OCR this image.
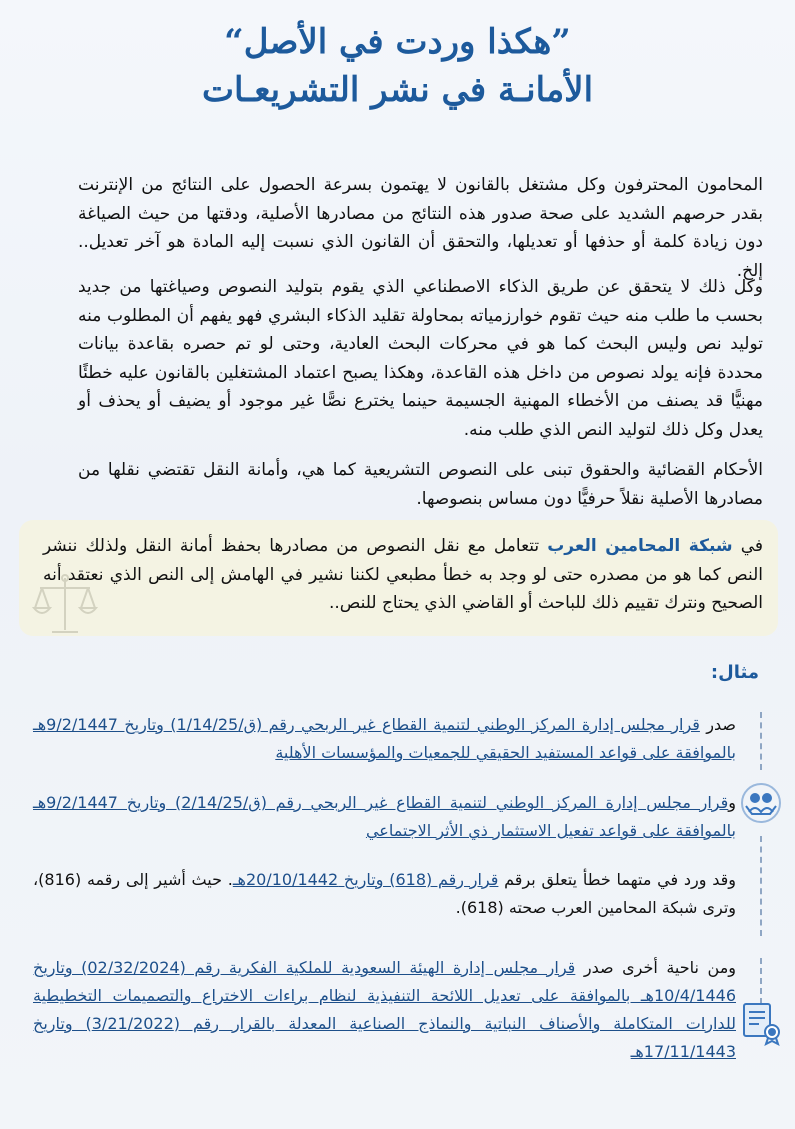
“هكذا وردت في الأصل”
الأمانـة في نشر التشريعـات

المحامون المحترفون وكل مشتغل بالقانون لا يهتمون بسرعة الحصول على النتائج من الإنترنت بقدر حرصهم الشديد على صحة صدور هذه النتائج من مصادرها الأصلية، ودقتها من حيث الصياغة دون زيادة كلمة أو حذفها أو تعديلها، والتحقق أن القانون الذي نسبت إليه المادة هو آخر تعديل.. إلخ.

وكل ذلك لا يتحقق عن طريق الذكاء الاصطناعي الذي يقوم بتوليد النصوص وصياغتها من جديد بحسب ما طلب منه حيث تقوم خوارزمياته بمحاولة تقليد الذكاء البشري فهو يفهم أن المطلوب منه توليد نص وليس البحث كما هو في محركات البحث العادية، وحتى لو تم حصره بقاعدة بيانات محددة فإنه يولد نصوص من داخل هذه القاعدة، وهكذا يصبح اعتماد المشتغلين بالقانون عليه خطئًا مهنيًّا قد يصنف من الأخطاء المهنية الجسيمة حينما يخترع نصًّا غير موجود أو يضيف أو يحذف أو يعدل وكل ذلك لتوليد النص الذي طلب منه.

الأحكام القضائية والحقوق تبنى على النصوص التشريعية كما هي، وأمانة النقل تقتضي نقلها من مصادرها الأصلية نقلاً حرفيًّا دون مساس بنصوصها.

في شبكة المحامين العرب تتعامل مع نقل النصوص من مصادرها بحفظ أمانة النقل ولذلك ننشر النص كما هو من مصدره حتى لو وجد به خطأ مطبعي لكننا نشير في الهامش إلى النص الذي نعتقد أنه الصحيح ونترك تقييم ذلك للباحث أو القاضي الذي يحتاج للنص..
مثال:
صدر قرار مجلس إدارة المركز الوطني لتنمية القطاع غير الربحي رقم (ق/1/14/25) وتاريخ 9/2/1447هـ بالموافقة على قواعد المستفيد الحقيقي للجمعيات والمؤسسات الأهلية
وقرار مجلس إدارة المركز الوطني لتنمية القطاع غير الربحي رقم (ق/2/14/25) وتاريخ 9/2/1447هـ بالموافقة على قواعد تفعيل الاستثمار ذي الأثر الاجتماعي
وقد ورد في متهما خطأ يتعلق برقم قرار رقم (618) وتاريخ 20/10/1442هـ. حيث أشير إلى رقمه (816)، وترى شبكة المحامين العرب صحته (618).
ومن ناحية أخرى صدر قرار مجلس إدارة الهيئة السعودية للملكية الفكرية رقم (02/32/2024) وتاريخ 10/4/1446هـ بالموافقة على تعديل اللائحة التنفيذية لنظام براءات الاختراع والتصميمات التخطيطية للدارات المتكاملة والأصناف النباتية والنماذج الصناعية المعدلة بالقرار رقم (3/21/2022) وتاريخ 17/11/1443هـ
